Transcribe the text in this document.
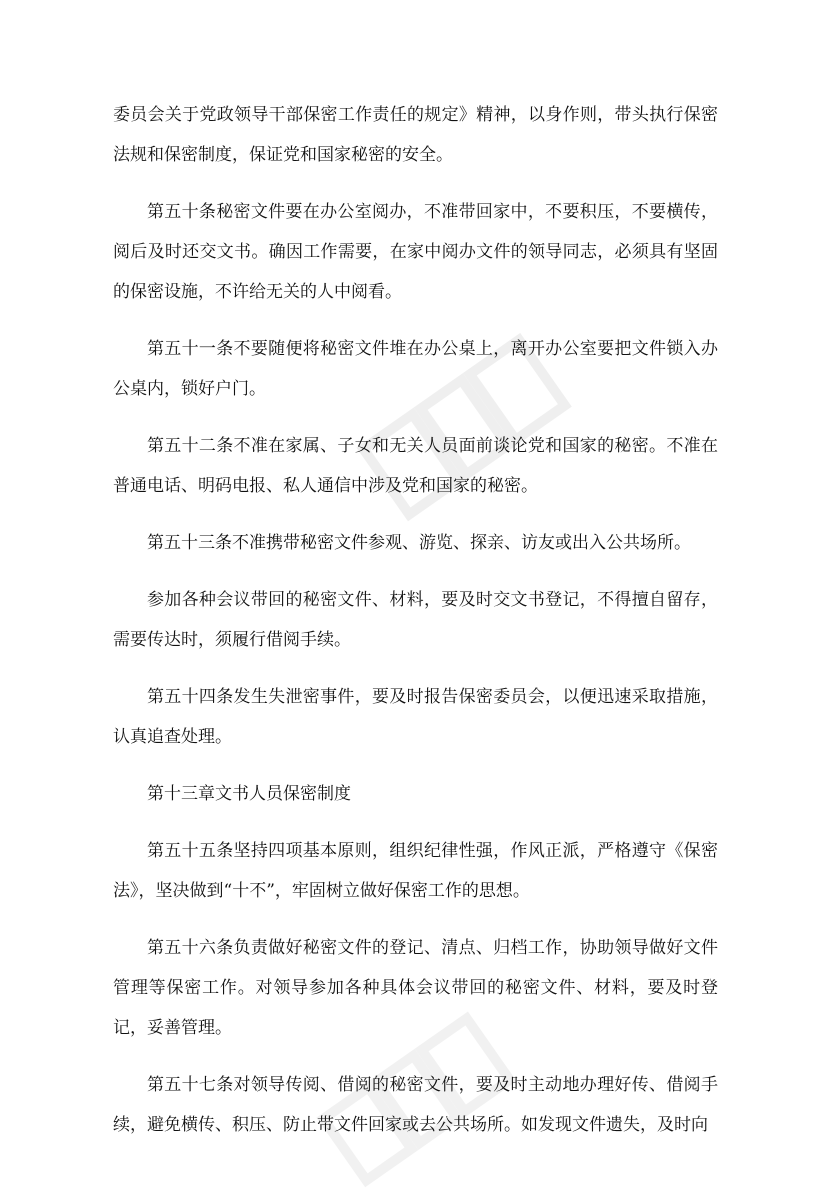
委员会关于党政领导干部保密工作责任的规定》精神，以身作则，带头执行保密法规和保密制度，保证党和国家秘密的安全。

第五十条秘密文件要在办公室阅办，不准带回家中，不要积压，不要横传，阅后及时还交文书。确因工作需要，在家中阅办文件的领导同志，必须具有坚固的保密设施，不许给无关的人中阅看。

第五十一条不要随便将秘密文件堆在办公桌上，离开办公室要把文件锁入办公桌内，锁好户门。

第五十二条不准在家属、子女和无关人员面前谈论党和国家的秘密。不准在普通电话、明码电报、私人通信中涉及党和国家的秘密。

第五十三条不准携带秘密文件参观、游览、探亲、访友或出入公共场所。

参加各种会议带回的秘密文件、材料，要及时交文书登记，不得擅自留存，需要传达时，须履行借阅手续。

第五十四条发生失泄密事件，要及时报告保密委员会，以便迅速采取措施，认真追查处理。

第十三章文书人员保密制度

第五十五条坚持四项基本原则，组织纪律性强，作风正派，严格遵守《保密法》，坚决做到“十不”，牢固树立做好保密工作的思想。

第五十六条负责做好秘密文件的登记、清点、归档工作，协助领导做好文件管理等保密工作。对领导参加各种具体会议带回的秘密文件、材料，要及时登记，妥善管理。

第五十七条对领导传阅、借阅的秘密文件，要及时主动地办理好传、借阅手续，避免横传、积压、防止带文件回家或去公共场所。如发现文件遗失，及时向
